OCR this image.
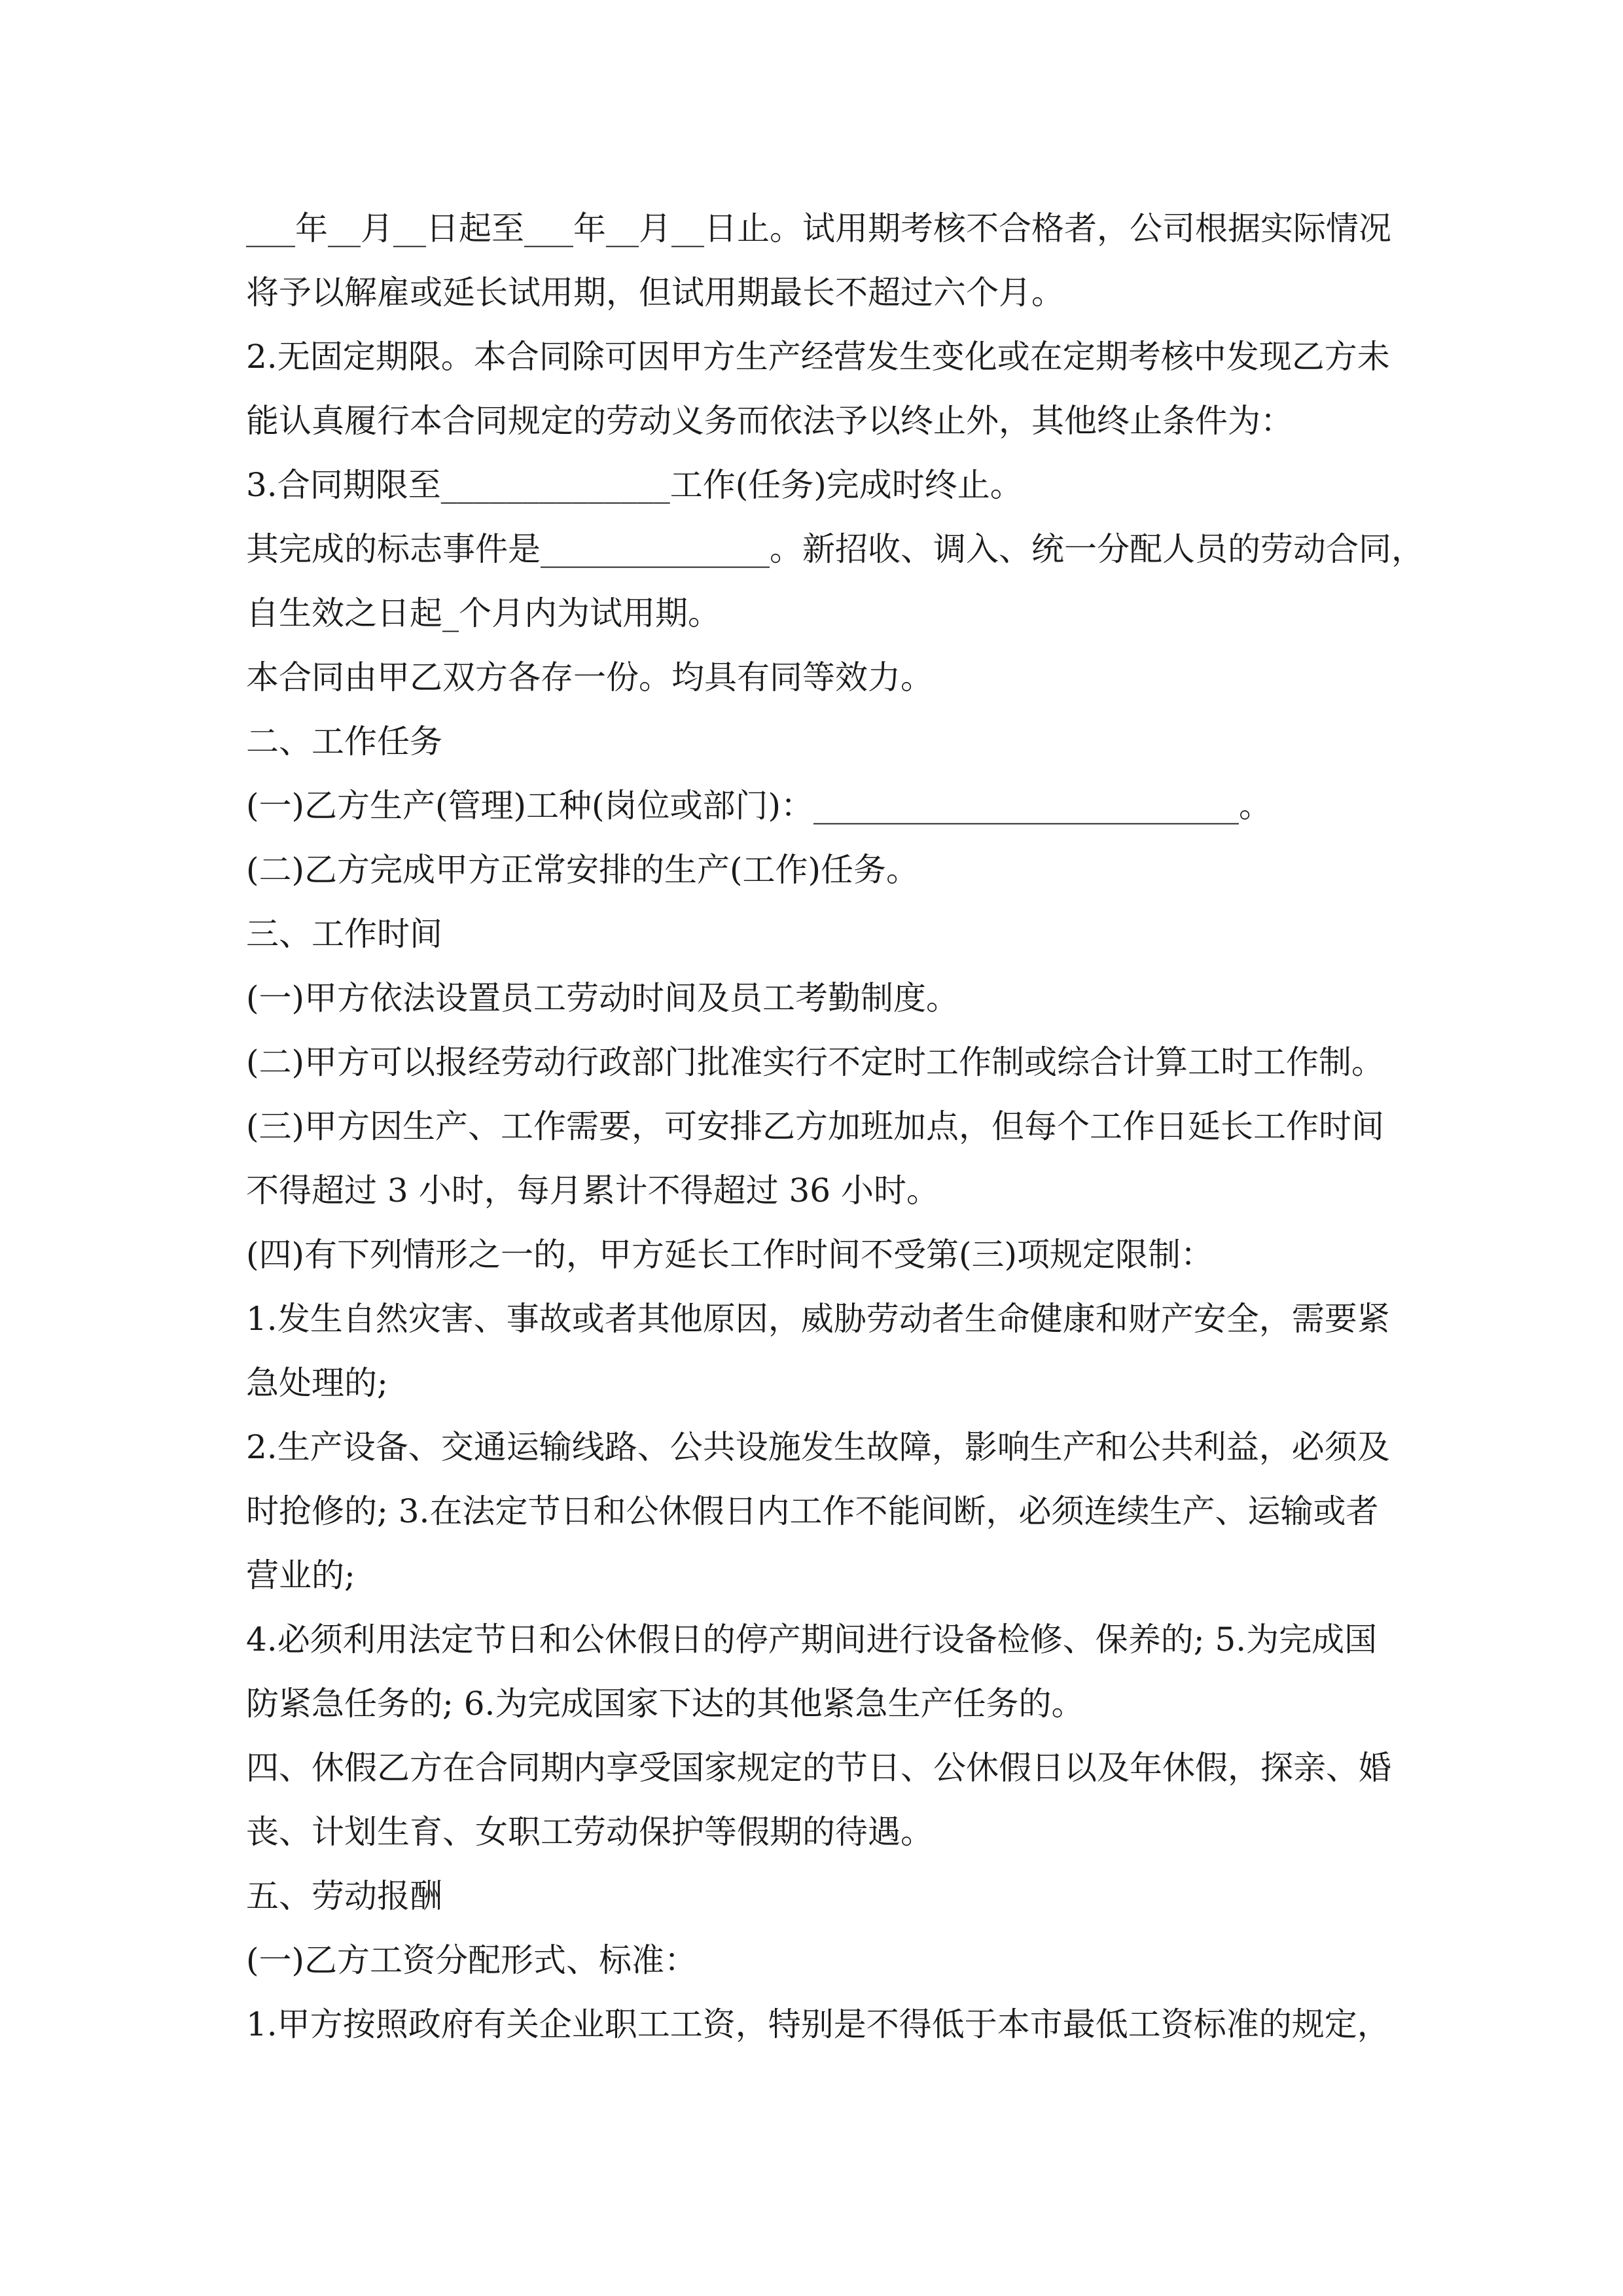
___年__月__日起至___年__月__日止。试用期考核不合格者，公司根据实际情况
将予以解雇或延长试用期，但试用期最长不超过六个月。
2.无固定期限。本合同除可因甲方生产经营发生变化或在定期考核中发现乙方未
能认真履行本合同规定的劳动义务而依法予以终止外，其他终止条件为：
3.合同期限至______________工作(任务)完成时终止。
其完成的标志事件是______________。新招收、调入、统一分配人员的劳动合同，
自生效之日起_个月内为试用期。
本合同由甲乙双方各存一份。均具有同等效力。
二、工作任务
(一)乙方生产(管理)工种(岗位或部门)：__________________________。
(二)乙方完成甲方正常安排的生产(工作)任务。
三、工作时间
(一)甲方依法设置员工劳动时间及员工考勤制度。
(二)甲方可以报经劳动行政部门批准实行不定时工作制或综合计算工时工作制。
(三)甲方因生产、工作需要，可安排乙方加班加点，但每个工作日延长工作时间
不得超过 3 小时，每月累计不得超过 36 小时。
(四)有下列情形之一的，甲方延长工作时间不受第(三)项规定限制：
1.发生自然灾害、事故或者其他原因，威胁劳动者生命健康和财产安全，需要紧
急处理的;
2.生产设备、交通运输线路、公共设施发生故障，影响生产和公共利益，必须及
时抢修的; 3.在法定节日和公休假日内工作不能间断，必须连续生产、运输或者
营业的;
4.必须利用法定节日和公休假日的停产期间进行设备检修、保养的; 5.为完成国
防紧急任务的; 6.为完成国家下达的其他紧急生产任务的。
四、休假乙方在合同期内享受国家规定的节日、公休假日以及年休假，探亲、婚
丧、计划生育、女职工劳动保护等假期的待遇。
五、劳动报酬
(一)乙方工资分配形式、标准：
1.甲方按照政府有关企业职工工资，特别是不得低于本市最低工资标准的规定，
